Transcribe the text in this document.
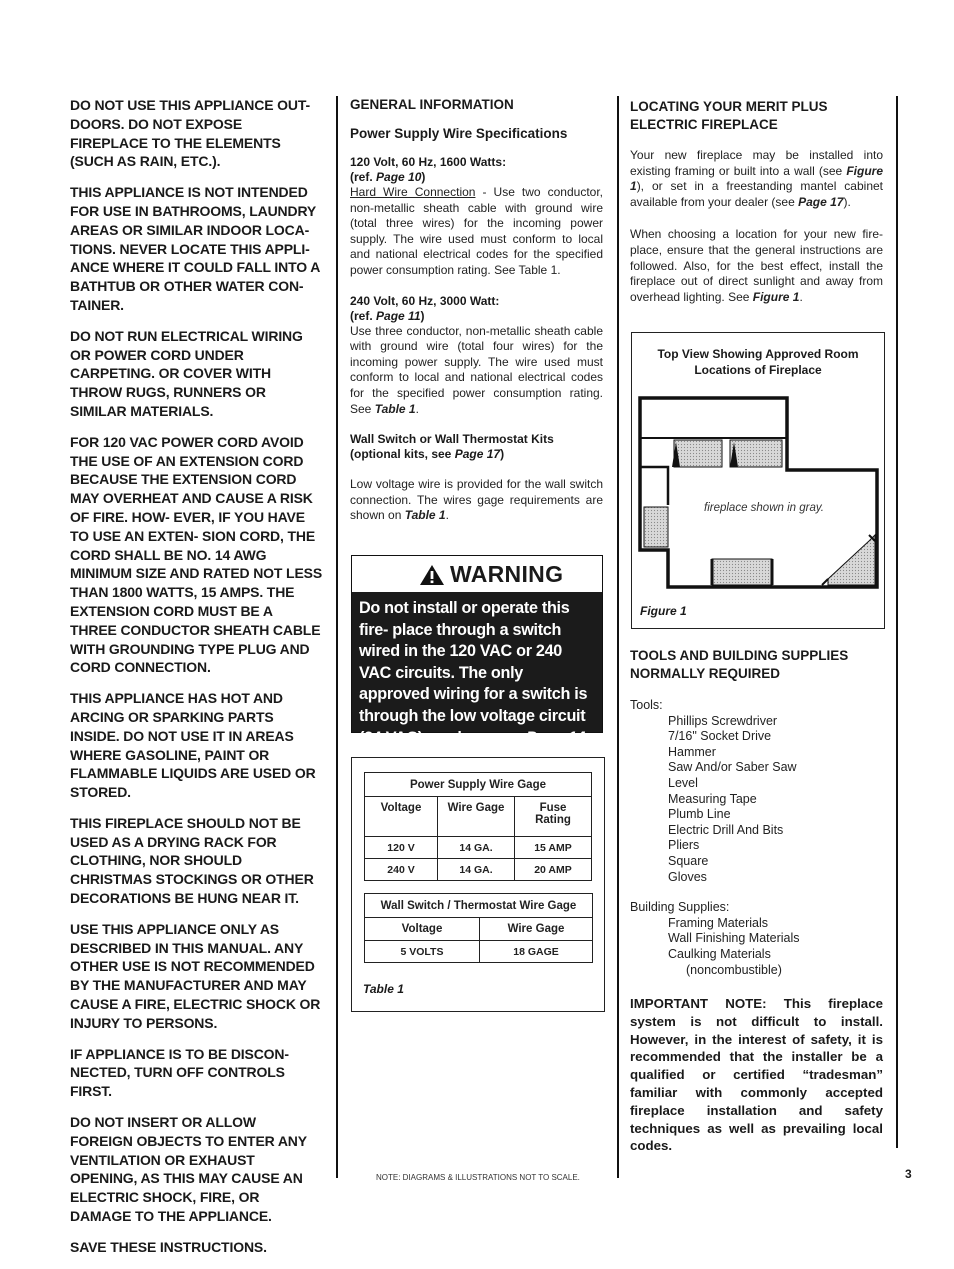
DO NOT USE THIS APPLIANCE OUT- DOORS. DO NOT EXPOSE FIREPLACE TO THE ELEMENTS (SUCH AS RAIN, ETC.).

THIS APPLIANCE IS NOT INTENDED FOR USE IN BATHROOMS, LAUNDRY AREAS OR SIMILAR INDOOR LOCA- TIONS. NEVER LOCATE THIS APPLI- ANCE WHERE IT COULD FALL INTO A BATHTUB OR OTHER WATER CON- TAINER.

DO NOT RUN ELECTRICAL WIRING OR POWER CORD UNDER CARPETING. OR COVER WITH THROW RUGS, RUNNERS OR SIMILAR MATERIALS.

FOR 120 VAC POWER CORD AVOID THE USE OF AN EXTENSION CORD BECAUSE THE EXTENSION CORD MAY OVERHEAT AND CAUSE A RISK OF FIRE. HOW- EVER, IF YOU HAVE TO USE AN EXTEN- SION CORD, THE CORD SHALL BE NO. 14 AWG MINIMUM SIZE AND RATED NOT LESS THAN 1800 WATTS, 15 AMPS. THE EXTENSION CORD MUST BE A THREE CONDUCTOR SHEATH CABLE WITH GROUNDING TYPE PLUG AND CORD CONNECTION.

THIS APPLIANCE HAS HOT AND ARCING OR SPARKING PARTS INSIDE. DO NOT USE IT IN AREAS WHERE GASOLINE, PAINT OR FLAMMABLE LIQUIDS ARE USED OR STORED.

THIS FIREPLACE SHOULD NOT BE USED AS A DRYING RACK FOR CLOTHING, NOR SHOULD CHRISTMAS STOCKINGS OR OTHER DECORATIONS BE HUNG NEAR IT.

USE THIS APPLIANCE ONLY AS DESCRIBED IN THIS MANUAL. ANY OTHER USE IS NOT RECOMMENDED BY THE MANUFACTURER AND MAY CAUSE A FIRE, ELECTRIC SHOCK OR INJURY TO PERSONS.

IF APPLIANCE IS TO BE DISCON- NECTED, TURN OFF CONTROLS FIRST.

DO NOT INSERT OR ALLOW FOREIGN OBJECTS TO ENTER ANY VENTILATION OR EXHAUST OPENING, AS THIS MAY CAUSE AN ELECTRIC SHOCK, FIRE, OR DAMAGE TO THE APPLIANCE.

SAVE THESE INSTRUCTIONS.

GENERAL INFORMATION

Power Supply Wire Specifications

120 Volt, 60 Hz, 1600 Watts:

(ref. Page 10)

Hard Wire Connection - Use two conductor, non-metallic sheath cable with ground wire (total three wires) for the incoming power supply. The wire used must conform to local and national electrical codes for the specified power consumption rating. See Table 1.

240 Volt, 60 Hz, 3000 Watt:

(ref. Page 11)

Use three conductor, non-metallic sheath cable with ground wire (total four wires) for the incoming power supply. The wire used must conform to local and national electrical codes for the specified power consumption rating. See Table 1.

Wall Switch or Wall Thermostat Kits

(optional kits, see Page 17)

Low voltage wire is provided for the wall switch connection. The wires gage requirements are shown on Table 1.

WARNING
Do not install or operate this fire- place through a switch wired in the 120 VAC or 240 VAC circuits. The only approved wiring for a switch is through the low voltage circuit (24 VAC) as shown on Page 14.
Power Supply Wire Gage		
Voltage	Wire Gage	Fuse Rating
120 V	14 GA.	15 AMP
240 V	14 GA.	20 AMP
Wall Switch / Thermostat Wire Gage	
Voltage	Wire Gage
5 VOLTS	18 GAGE
Table 1
NOTE: DIAGRAMS & ILLUSTRATIONS NOT TO SCALE.

LOCATING YOUR MERIT PLUS ELECTRIC FIREPLACE

Your new fireplace may be installed into existing framing or built into a wall (see Figure 1), or set in a freestanding mantel cabinet available from your dealer (see Page 17).

When choosing a location for your new fire- place, ensure that the general instructions are followed. Also, for the best effect, install the fireplace out of direct sunlight and away from overhead lighting. See Figure 1.

Top View Showing Approved Room Locations of Fireplace
fireplace shown in gray.
Figure 1

TOOLS AND BUILDING SUPPLIES NORMALLY REQUIRED

Tools:
Phillips Screwdriver
7/16" Socket Drive
Hammer
Saw And/or Saber Saw
Level
Measuring Tape
Plumb Line
Electric Drill And Bits
Pliers
Square
Gloves
Building Supplies:
Framing Materials
Wall Finishing Materials
Caulking Materials
(noncombustible)

IMPORTANT NOTE: This fireplace system is not difficult to install. However, in the interest of safety, it is recommended that the installer be a qualified or certified “tradesman” familiar with commonly accepted fireplace installation and safety techniques as well as prevailing local codes.

3
